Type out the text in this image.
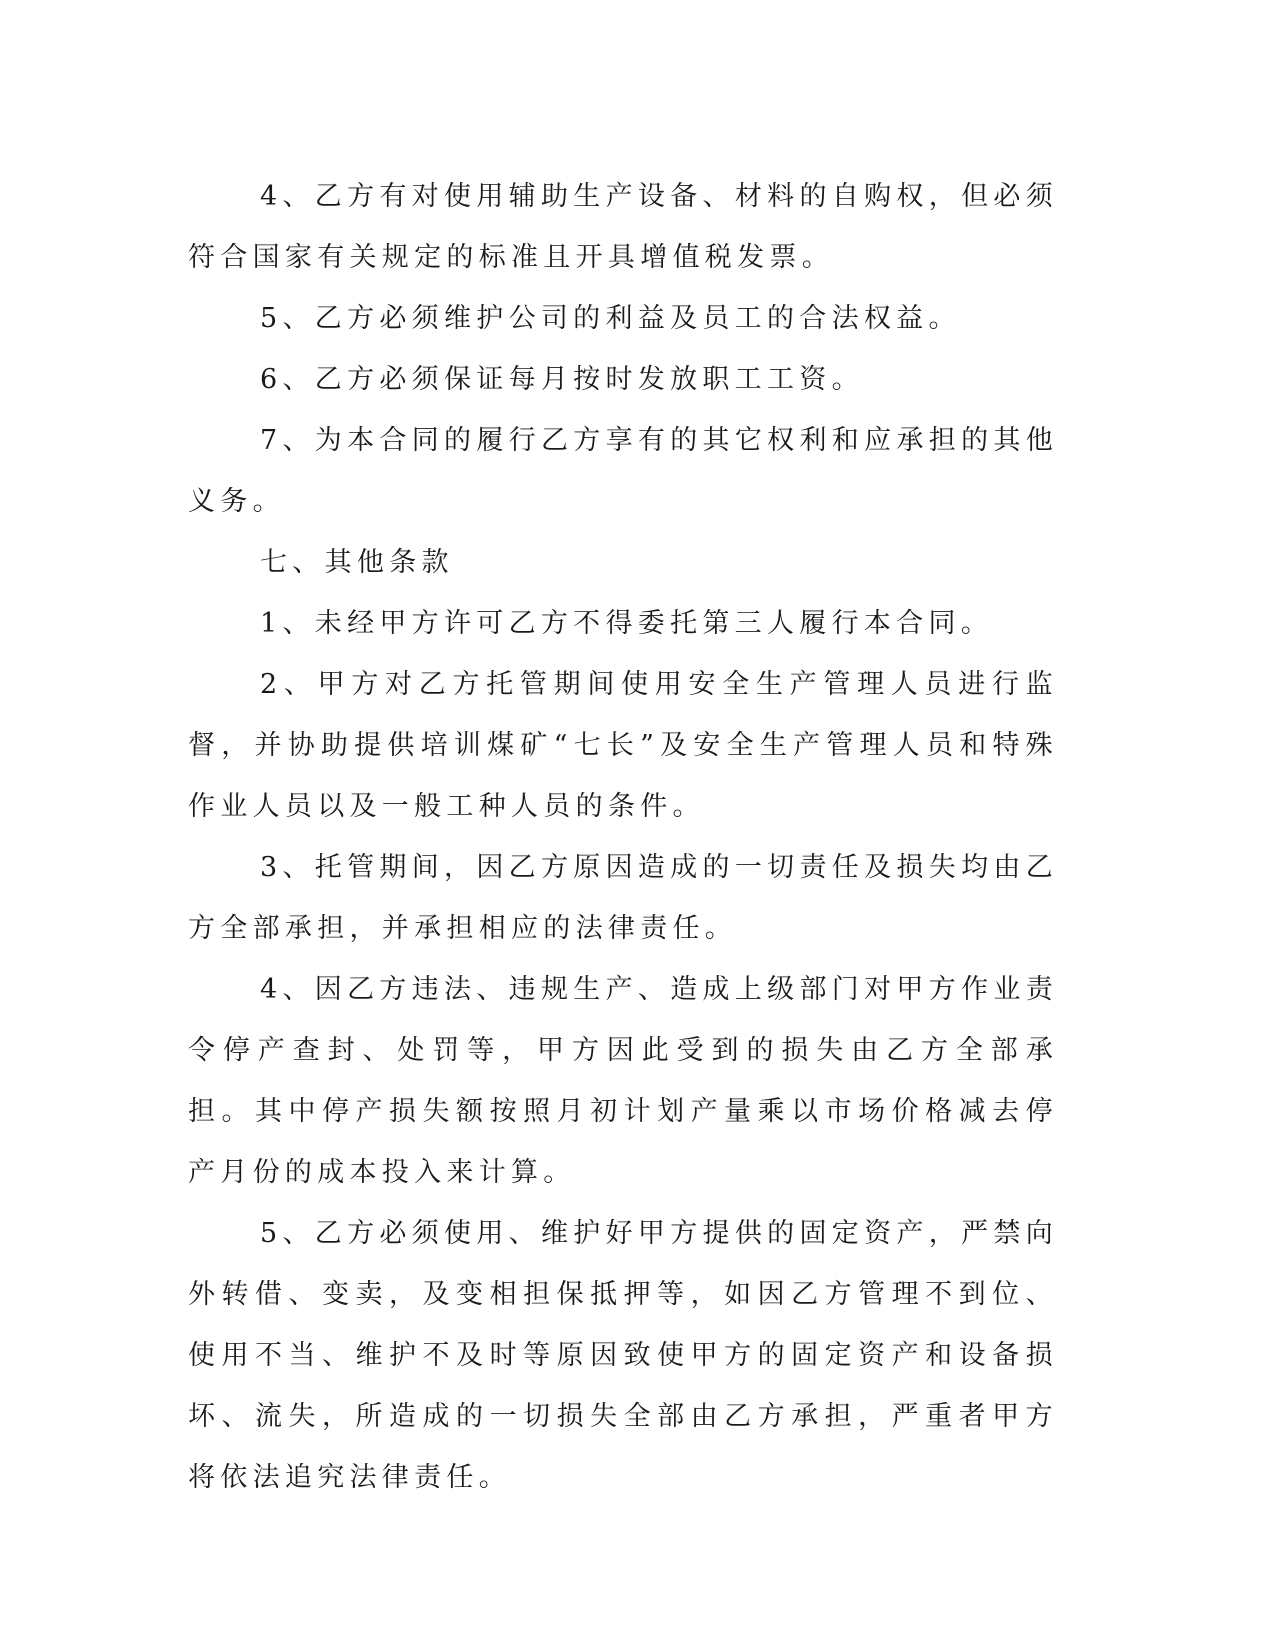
4、乙方有对使用辅助生产设备、材料的自购权，但必须符合国家有关规定的标准且开具增值税发票。

5、乙方必须维护公司的利益及员工的合法权益。

6、乙方必须保证每月按时发放职工工资。

7、为本合同的履行乙方享有的其它权利和应承担的其他义务。

七、其他条款

1、未经甲方许可乙方不得委托第三人履行本合同。

2、甲方对乙方托管期间使用安全生产管理人员进行监督，并协助提供培训煤矿“七长”及安全生产管理人员和特殊作业人员以及一般工种人员的条件。

3、托管期间，因乙方原因造成的一切责任及损失均由乙方全部承担，并承担相应的法律责任。

4、因乙方违法、违规生产、造成上级部门对甲方作业责令停产查封、处罚等，甲方因此受到的损失由乙方全部承担。其中停产损失额按照月初计划产量乘以市场价格减去停产月份的成本投入来计算。

5、乙方必须使用、维护好甲方提供的固定资产，严禁向外转借、变卖，及变相担保抵押等，如因乙方管理不到位、使用不当、维护不及时等原因致使甲方的固定资产和设备损坏、流失，所造成的一切损失全部由乙方承担，严重者甲方将依法追究法律责任。
